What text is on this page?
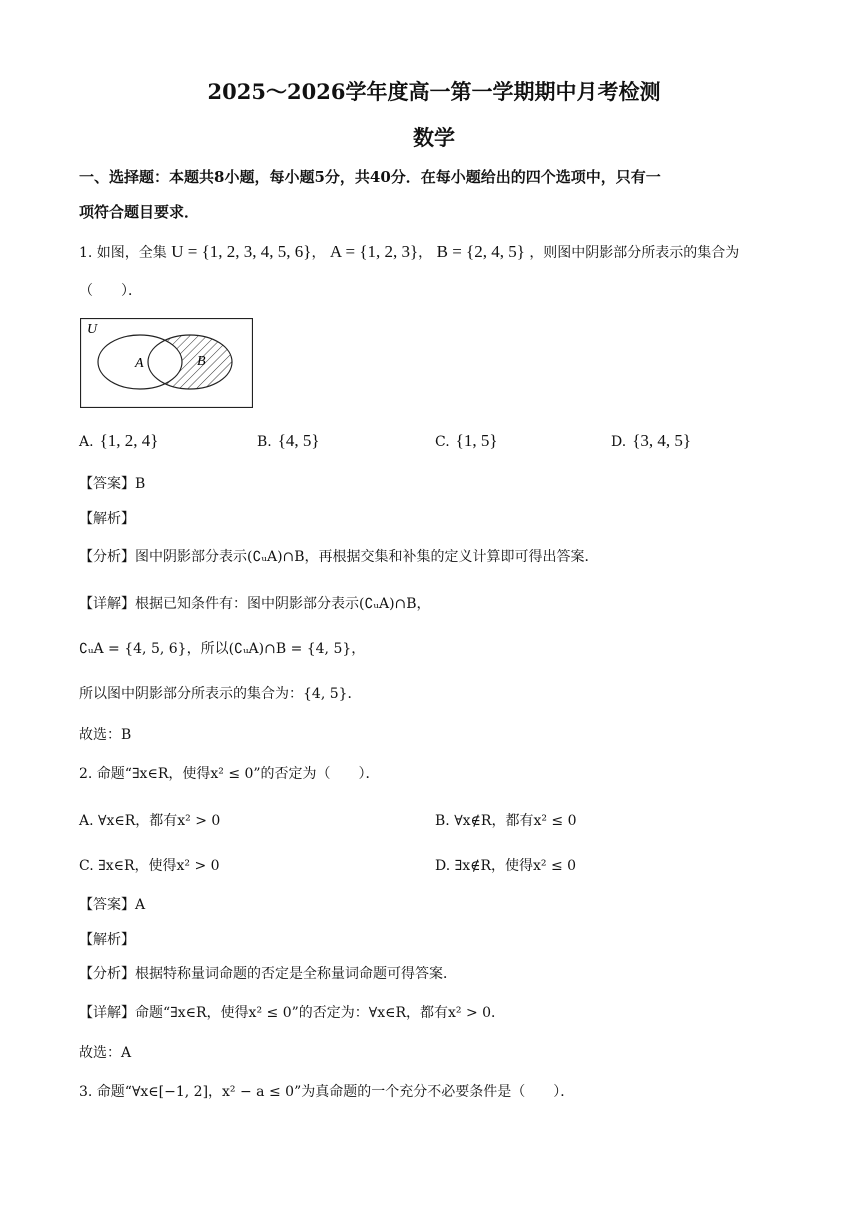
2025～2026学年度高一第一学期期中月考检测
数学
一、选择题：本题共8小题，每小题5分，共40分．在每小题给出的四个选项中，只有一
项符合题目要求．
1. 如图，全集 U = {1, 2, 3, 4, 5, 6}， A = {1, 2, 3}， B = {2, 4, 5} ，则图中阴影部分所表示的集合为
（　　）．
U
A	B
A. {1, 2, 4}	B. {4, 5}	C. {1, 5}	D. {3, 4, 5}
【答案】B
【解析】
【分析】图中阴影部分表示(∁ᵤA)∩B，再根据交集和补集的定义计算即可得出答案．
【详解】根据已知条件有：图中阴影部分表示(∁ᵤA)∩B，
∁ᵤA = {4, 5, 6}，所以(∁ᵤA)∩B = {4, 5}，
所以图中阴影部分所表示的集合为：{4, 5}．
故选：B
2. 命题“∃x∈R，使得x² ≤ 0”的否定为（　　）．
A. ∀x∈R，都有x² > 0	B. ∀x∉R，都有x² ≤ 0
C. ∃x∈R，使得x² > 0	D. ∃x∉R，使得x² ≤ 0
【答案】A
【解析】
【分析】根据特称量词命题的否定是全称量词命题可得答案．
【详解】命题“∃x∈R，使得x² ≤ 0”的否定为：∀x∈R，都有x² > 0．
故选：A
3. 命题“∀x∈[−1, 2]，x² − a ≤ 0”为真命题的一个充分不必要条件是（　　）．
